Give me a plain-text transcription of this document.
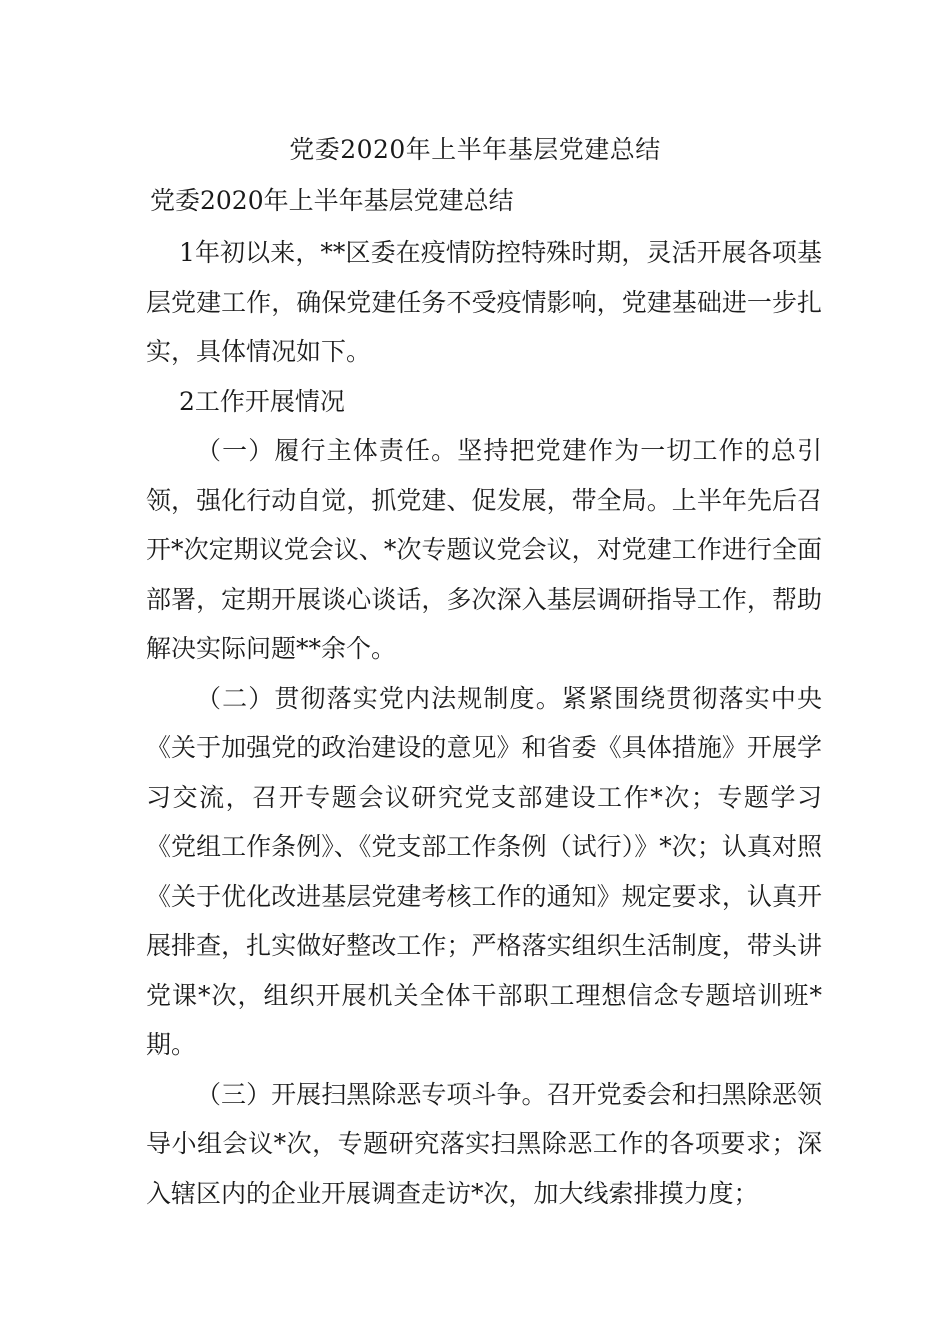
党委2020年上半年基层党建总结
党委2020年上半年基层党建总结

1年初以来，**区委在疫情防控特殊时期，灵活开展各项基层党建工作，确保党建任务不受疫情影响，党建基础进一步扎实，具体情况如下。

2工作开展情况

（一）履行主体责任。坚持把党建作为一切工作的总引领，强化行动自觉，抓党建、促发展，带全局。上半年先后召开*次定期议党会议、*次专题议党会议，对党建工作进行全面部署，定期开展谈心谈话，多次深入基层调研指导工作，帮助解决实际问题**余个。

（二）贯彻落实党内法规制度。紧紧围绕贯彻落实中央《关于加强党的政治建设的意见》和省委《具体措施》开展学习交流，召开专题会议研究党支部建设工作*次；专题学习《党组工作条例》、《党支部工作条例（试行）》*次；认真对照《关于优化改进基层党建考核工作的通知》规定要求，认真开展排查，扎实做好整改工作；严格落实组织生活制度，带头讲党课*次，组织开展机关全体干部职工理想信念专题培训班*期。

（三）开展扫黑除恶专项斗争。召开党委会和扫黑除恶领导小组会议*次，专题研究落实扫黑除恶工作的各项要求；深入辖区内的企业开展调查走访*次，加大线索排摸力度；
